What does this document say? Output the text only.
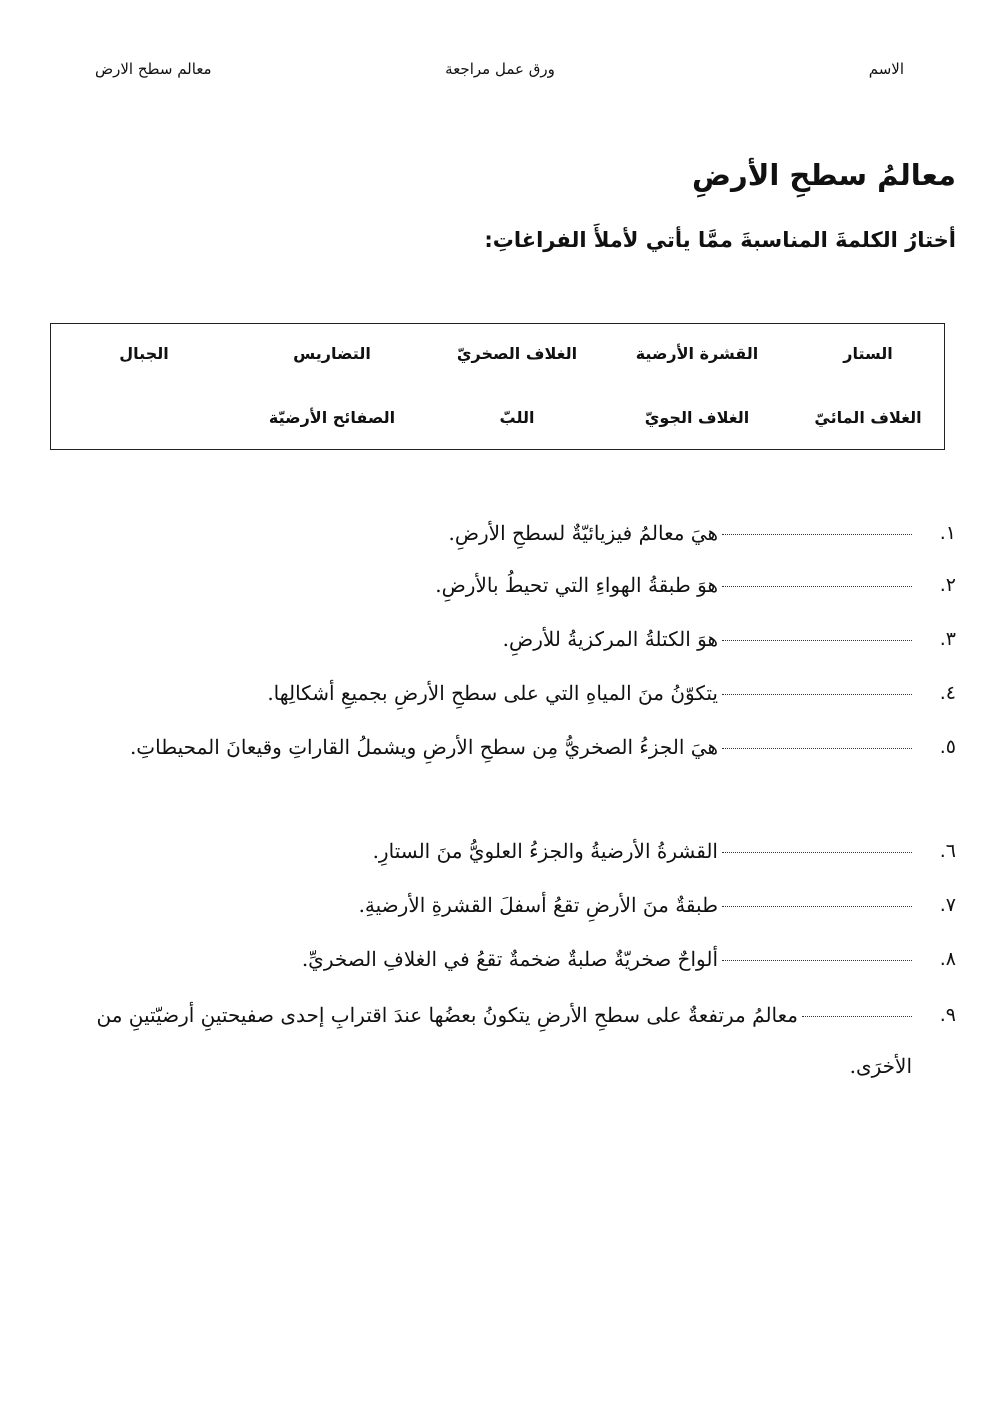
الاسم
ورق عمل مراجعة
معالم سطح الارض
معالمُ سطحِ الأرضِ
أختارُ الكلمةَ المناسبةَ ممَّا يأتي لأملأَ الفراغاتِ:
الستار
القشرة الأرضية
الغلاف الصخريّ
التضاريس
الجبال
الغلاف المائيّ
الغلاف الجويّ
اللبّ
الصفائح الأرضيّة
١.
هيَ معالمُ فيزيائيّةٌ لسطحِ الأرضِ.
٢.
هوَ طبقةُ الهواءِ التي تحيطُ بالأرضِ.
٣.
هوَ الكتلةُ المركزيةُ للأرضِ.
٤.
يتكوّنُ منَ المياهِ التي على سطحِ الأرضِ بجميعِ أشكالِها.
٥.
هيَ الجزءُ الصخريُّ مِن سطحِ الأرضِ ويشملُ القاراتِ وقيعانَ المحيطاتِ.
٦.
القشرةُ الأرضيةُ والجزءُ العلويُّ منَ الستارِ.
٧.
طبقةٌ منَ الأرضِ تقعُ أسفلَ القشرةِ الأرضيةِ.
٨.
ألواحٌ صخريّةٌ صلبةٌ ضخمةٌ تقعُ في الغلافِ الصخريِّ.
٩.
معالمُ مرتفعةٌ على سطحِ الأرضِ يتكونُ بعضُها عندَ اقترابِ إحدى صفيحتينِ أرضيّتينِ من الأخرَى.
